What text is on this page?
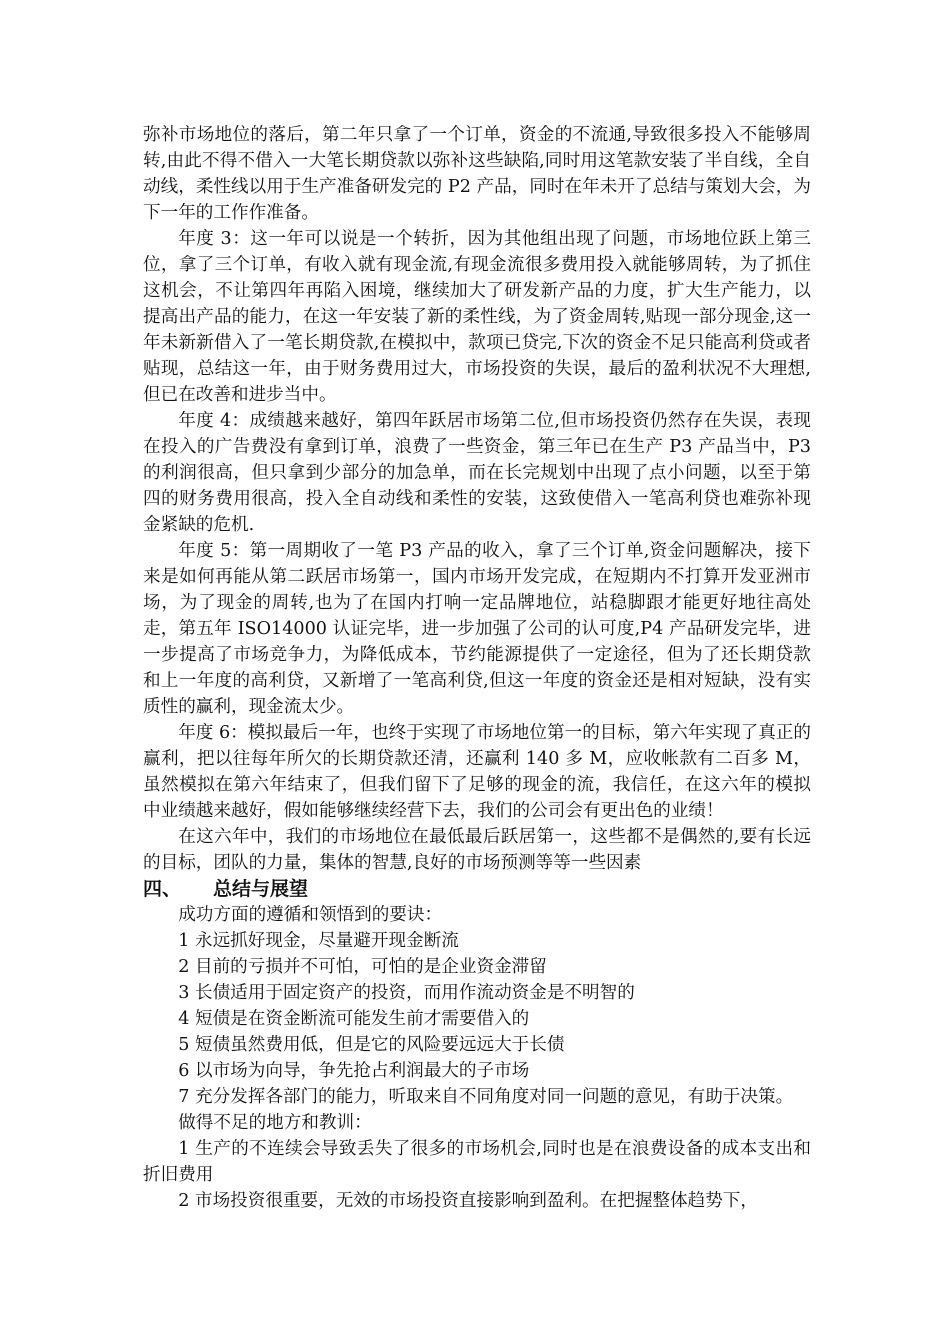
弥补市场地位的落后，第二年只拿了一个订单，资金的不流通,导致很多投入不能够周转,由此不得不借入一大笔长期贷款以弥补这些缺陷,同时用这笔款安装了半自线，全自动线，柔性线以用于生产准备研发完的 P2 产品，同时在年未开了总结与策划大会，为下一年的工作作准备。

年度 3：这一年可以说是一个转折，因为其他组出现了问题，市场地位跃上第三位，拿了三个订单，有收入就有现金流,有现金流很多费用投入就能够周转，为了抓住这机会，不让第四年再陷入困境，继续加大了研发新产品的力度，扩大生产能力，以提高出产品的能力，在这一年安装了新的柔性线，为了资金周转,贴现一部分现金,这一年未新新借入了一笔长期贷款,在模拟中，款项已贷完,下次的资金不足只能高利贷或者贴现，总结这一年，由于财务费用过大，市场投资的失误，最后的盈利状况不大理想,但已在改善和进步当中。

年度 4：成绩越来越好，第四年跃居市场第二位,但市场投资仍然存在失误，表现在投入的广告费没有拿到订单，浪费了一些资金，第三年已在生产 P3 产品当中，P3 的利润很高，但只拿到少部分的加急单，而在长完规划中出现了点小问题，以至于第四的财务费用很高，投入全自动线和柔性的安装，这致使借入一笔高利贷也难弥补现金紧缺的危机.

年度 5：第一周期收了一笔 P3 产品的收入，拿了三个订单,资金问题解决，接下来是如何再能从第二跃居市场第一，国内市场开发完成，在短期内不打算开发亚洲市场，为了现金的周转,也为了在国内打响一定品牌地位，站稳脚跟才能更好地往高处走，第五年 ISO14000 认证完毕，进一步加强了公司的认可度,P4 产品研发完毕，进一步提高了市场竞争力，为降低成本，节约能源提供了一定途径，但为了还长期贷款和上一年度的高利贷，又新增了一笔高利贷,但这一年度的资金还是相对短缺，没有实质性的赢利，现金流太少。

年度 6：模拟最后一年，也终于实现了市场地位第一的目标，第六年实现了真正的赢利，把以往每年所欠的长期贷款还清，还赢利 140 多 M，应收帐款有二百多 M，虽然模拟在第六年结束了，但我们留下了足够的现金的流，我信任，在这六年的模拟中业绩越来越好，假如能够继续经营下去，我们的公司会有更出色的业绩！

在这六年中，我们的市场地位在最低最后跃居第一，这些都不是偶然的,要有长远的目标，团队的力量，集体的智慧,良好的市场预测等等一些因素

四、	总结与展望

成功方面的遵循和领悟到的要诀：

1 永远抓好现金，尽量避开现金断流

2 目前的亏损并不可怕，可怕的是企业资金滞留

3 长债适用于固定资产的投资，而用作流动资金是不明智的

4 短债是在资金断流可能发生前才需要借入的

5 短债虽然费用低，但是它的风险要远远大于长债

6 以市场为向导，争先抢占利润最大的子市场

7 充分发挥各部门的能力，听取来自不同角度对同一问题的意见，有助于决策。

做得不足的地方和教训：

1 生产的不连续会导致丢失了很多的市场机会,同时也是在浪费设备的成本支出和折旧费用

2 市场投资很重要，无效的市场投资直接影响到盈利。在把握整体趋势下，
